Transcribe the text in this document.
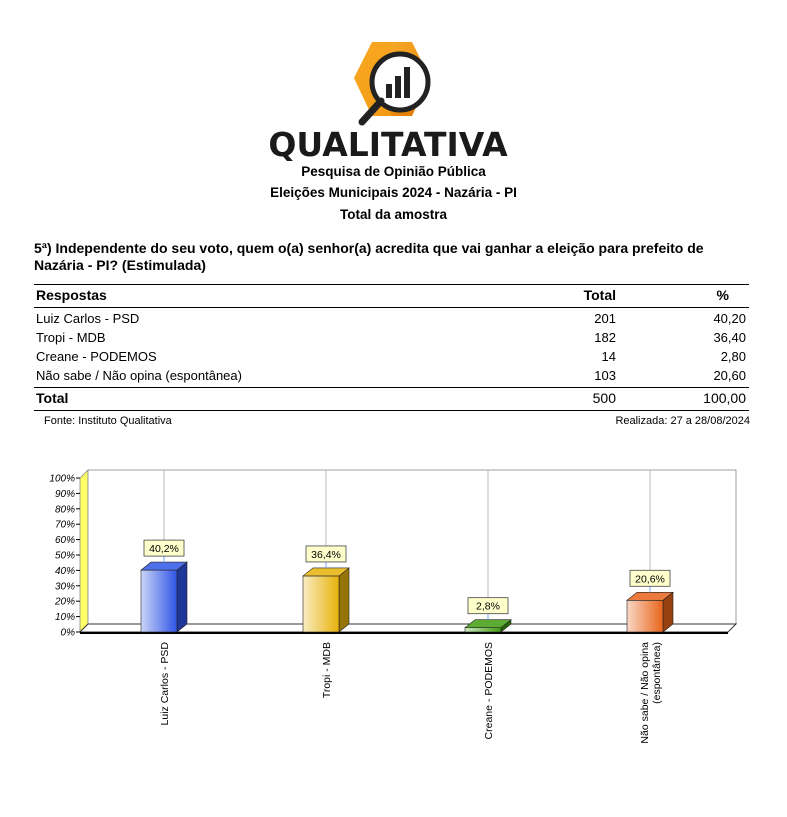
QUALITATIVA
Pesquisa de Opinião Pública
Eleições Municipais 2024 - Nazária - PI
Total da amostra
5ª) Independente do seu voto, quem o(a) senhor(a) acredita que vai ganhar a eleição para prefeito de Nazária - PI? (Estimulada)
Respostas	Total	%
Luiz Carlos - PSD	201	40,20
Tropi - MDB	182	36,40
Creane - PODEMOS	14	2,80
Não sabe / Não opina (espontânea)	103	20,60
Total	500	100,00
Fonte: Instituto Qualitativa	Realizada: 27 a 28/08/2024
0%
10%
20%
30%
40%
50%
60%
70%
80%
90%
100%
40,2%
Luiz Carlos - PSD
36,4%
Tropi - MDB
2,8%
Creane - PODEMOS
20,6%
Não sabe / Não opina (espontânea)
